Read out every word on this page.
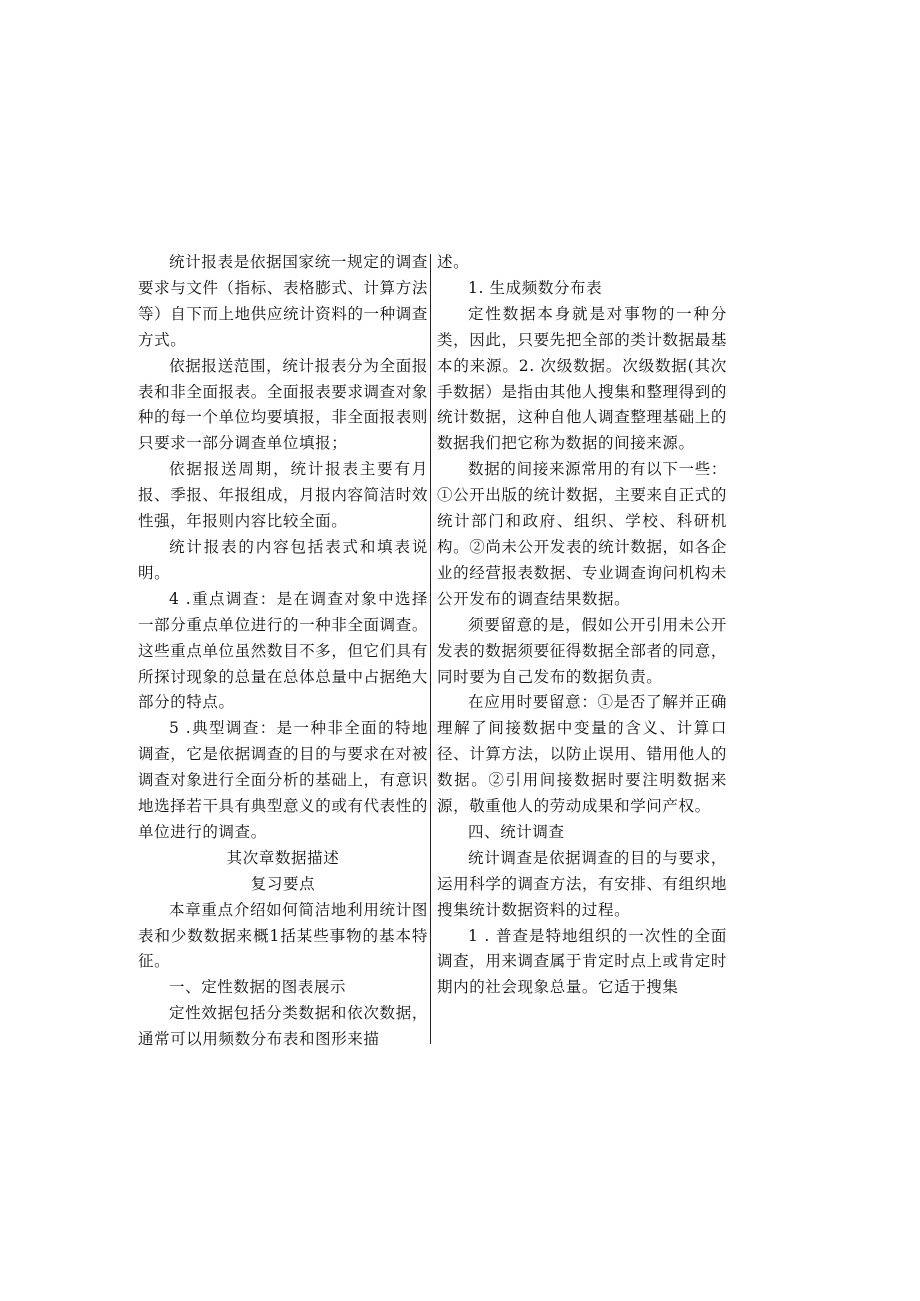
统计报表是依据国家统一规定的调查要求与文件（指标、表格膨式、计算方法等）自下而上地供应统计资料的一种调查方式。

依据报送范围，统计报表分为全面报表和非全面报表。全面报表要求调查对象种的每一个单位均要填报，非全面报表则只要求一部分调查单位填报；

依据报送周期，统计报表主要有月报、季报、年报组成，月报内容简洁时效性强，年报则内容比较全面。

统计报表的内容包括表式和填表说明。

4 .重点调查：是在调查对象中选择一部分重点单位进行的一种非全面调查。这些重点单位虽然数目不多，但它们具有所探讨现象的总量在总体总量中占据绝大部分的特点。

5 .典型调查：是一种非全面的特地调查，它是依据调查的目的与要求在对被调查对象进行全面分析的基础上，有意识地选择若干具有典型意义的或有代表性的单位进行的调查。

其次章数据描述

复习要点

本章重点介绍如何简洁地利用统计图表和少数数据来概1括某些事物的基本特征。

一、定性数据的图表展示

定性效据包括分类数据和依次数据，通常可以用频数分布表和图形来描

述。

1. 生成频数分布表

定性数据本身就是对事物的一种分类，因此，只要先把全部的类计数据最基本的来源。2. 次级数据。次级数据(其次手数据）是指由其他人搜集和整理得到的统计数据，这种自他人调查整理基础上的数据我们把它称为数据的间接来源。

数据的间接来源常用的有以下一些：①公开出版的统计数据，主要来自正式的统计部门和政府、组织、学校、科研机构。②尚未公开发表的统计数据，如各企业的经营报表数据、专业调查询问机构未公开发布的调查结果数据。

须要留意的是，假如公开引用未公开发表的数据须要征得数据全部者的同意，同时要为自己发布的数据负责。

在应用时要留意：①是否了解并正确理解了间接数据中变量的含义、计算口径、计算方法，以防止误用、错用他人的数据。②引用间接数据时要注明数据来源，敬重他人的劳动成果和学问产权。

四、统计调查

统计调查是依据调查的目的与要求，运用科学的调查方法，有安排、有组织地搜集统计数据资料的过程。

1 . 普查是特地组织的一次性的全面调查，用来调查属于肯定时点上或肯定时期内的社会现象总量。它适于搜集
